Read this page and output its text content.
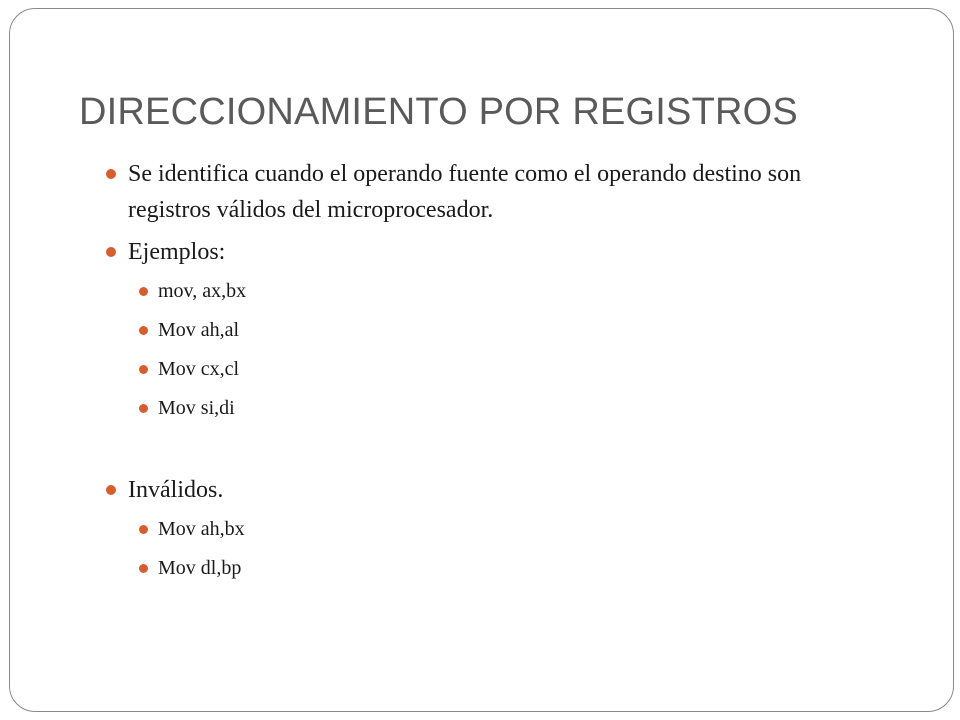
DIRECCIONAMIENTO POR REGISTROS
Se identifica cuando el operando fuente como el operando destino son registros válidos del microprocesador.
Ejemplos:
mov, ax,bx
Mov ah,al
Mov cx,cl
Mov si,di
Inválidos.
Mov ah,bx
Mov dl,bp
